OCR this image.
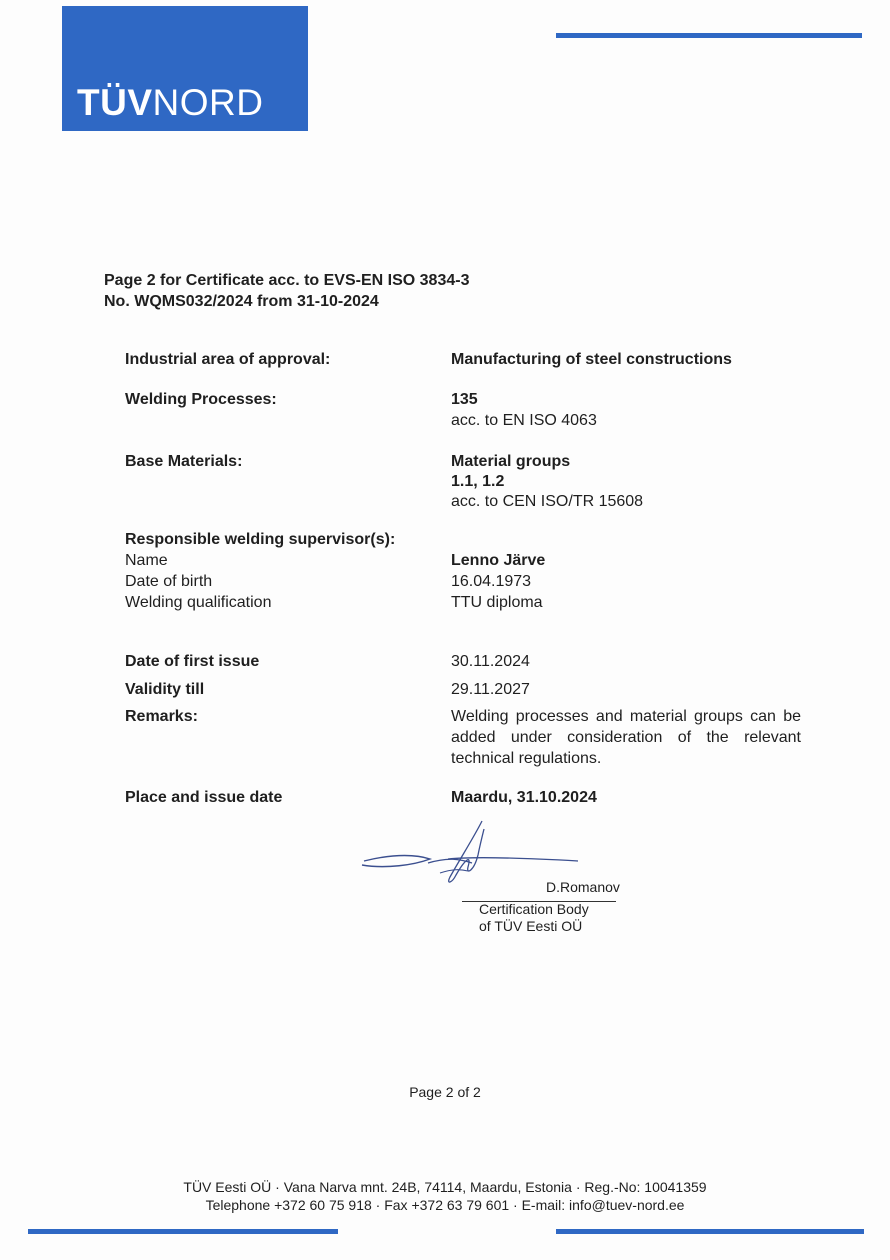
TÜVNORD
Page 2 for Certificate acc. to EVS-EN ISO 3834-3
No. WQMS032/2024 from 31-10-2024
Industrial area of approval:	Manufacturing of steel constructions
Welding Processes:	135
acc. to EN ISO 4063
Base Materials:	Material groups
1.1, 1.2
acc. to CEN ISO/TR 15608
Responsible welding supervisor(s):
Name	Lenno Järve
Date of birth	16.04.1973
Welding qualification	TTU diploma
Date of first issue	30.11.2024
Validity till	29.11.2027
Remarks:	Welding processes and material groups can be added under consideration of the relevant technical regulations.
Place and issue date	Maardu, 31.10.2024
D.Romanov
Certification Body
of TÜV Eesti OÜ
Page 2 of 2
TÜV Eesti OÜ · Vana Narva mnt. 24B, 74114, Maardu, Estonia · Reg.-No: 10041359
Telephone +372 60 75 918 · Fax +372 63 79 601 · E-mail: info@tuev-nord.ee
